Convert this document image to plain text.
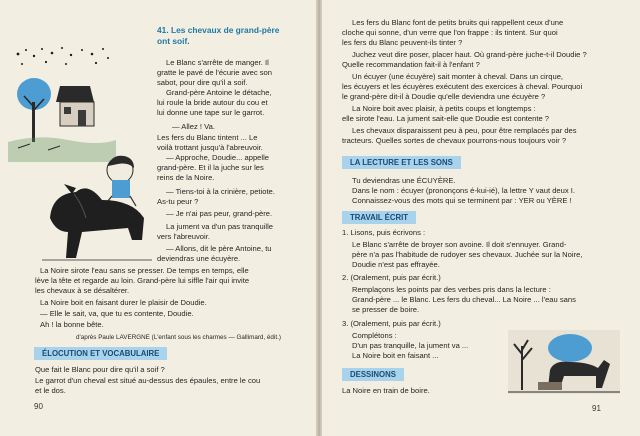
41. Les chevaux de grand-père
ont soif.
Le Blanc s'arrête de manger. Il
gratte le pavé de l'écurie avec son
sabot, pour dire qu'il a soif.
Grand-père Antoine le détache,
lui roule la bride autour du cou et
lui donne une tape sur le garrot.
— Allez ! Va.
Les fers du Blanc tintent ... Le
voilà trottant jusqu'à l'abreuvoir.
— Approche, Doudie... appelle
grand-père. Et il la juche sur les
reins de la Noire.
— Tiens-toi à la crinière, petiote.
As-tu peur ?
— Je n'ai pas peur, grand-père.
La jument va d'un pas tranquille
vers l'abreuvoir.
— Allons, dit le père Antoine, tu
deviendras une écuyère.
La Noire sirote l'eau sans se presser. De temps en temps, elle
lève la tête et regarde au loin. Grand-père lui siffle l'air qui invite
les chevaux à se désaltérer.
La Noire boit en faisant durer le plaisir de Doudie.
— Elle le sait, va, que tu es contente, Doudie.
Ah ! la bonne bête.
d'après Paule LAVERGNE (L'enfant sous les charmes — Gallimard, édit.)
ÉLOCUTION ET VOCABULAIRE
Que fait le Blanc pour dire qu'il a soif ?
Le garrot d'un cheval est situé au-dessus des épaules, entre le cou
et le dos.
90
Les fers du Blanc font de petits bruits qui rappellent ceux d'une
cloche qui sonne, d'un verre que l'on frappe : ils tintent. Sur quoi
les fers du Blanc peuvent-ils tinter ?
Juchez veut dire poser, placer haut. Où grand-père juche-t-il Doudie ?
Quelle recommandation fait-il à l'enfant ?
Un écuyer (une écuyère) sait monter à cheval. Dans un cirque,
les écuyers et les écuyères exécutent des exercices à cheval. Pourquoi
le grand-père dit-il à Doudie qu'elle deviendra une écuyère ?
La Noire boit avec plaisir, à petits coups et longtemps :
elle sirote l'eau. La jument sait-elle que Doudie est contente ?
Les chevaux disparaissent peu à peu, pour être remplacés par des
tracteurs. Quelles sortes de chevaux pourrons-nous toujours voir ?
LA LECTURE ET LES SONS
Tu deviendras une ÉCUYÈRE.
Dans le nom : écuyer (prononçons é-kui-ié), la lettre Y vaut deux I.
Connaissez-vous des mots qui se terminent par : YER ou YÈRE !
TRAVAIL ÉCRIT
1. Lisons, puis écrivons :
Le Blanc s'arrête de broyer son avoine. Il doit s'ennuyer. Grand-
père n'a pas l'habitude de rudoyer ses chevaux. Juchée sur la Noire,
Doudie n'est pas effrayée.
2. (Oralement, puis par écrit.)
Remplaçons les points par des verbes pris dans la lecture :
Grand-père ... le Blanc. Les fers du cheval... La Noire ... l'eau sans
se presser de boire.
3. (Oralement, puis par écrit.)
Complétons :
D'un pas tranquille, la jument va ...
La Noire boit en faisant ...
DESSINONS
La Noire en train de boire.
91
